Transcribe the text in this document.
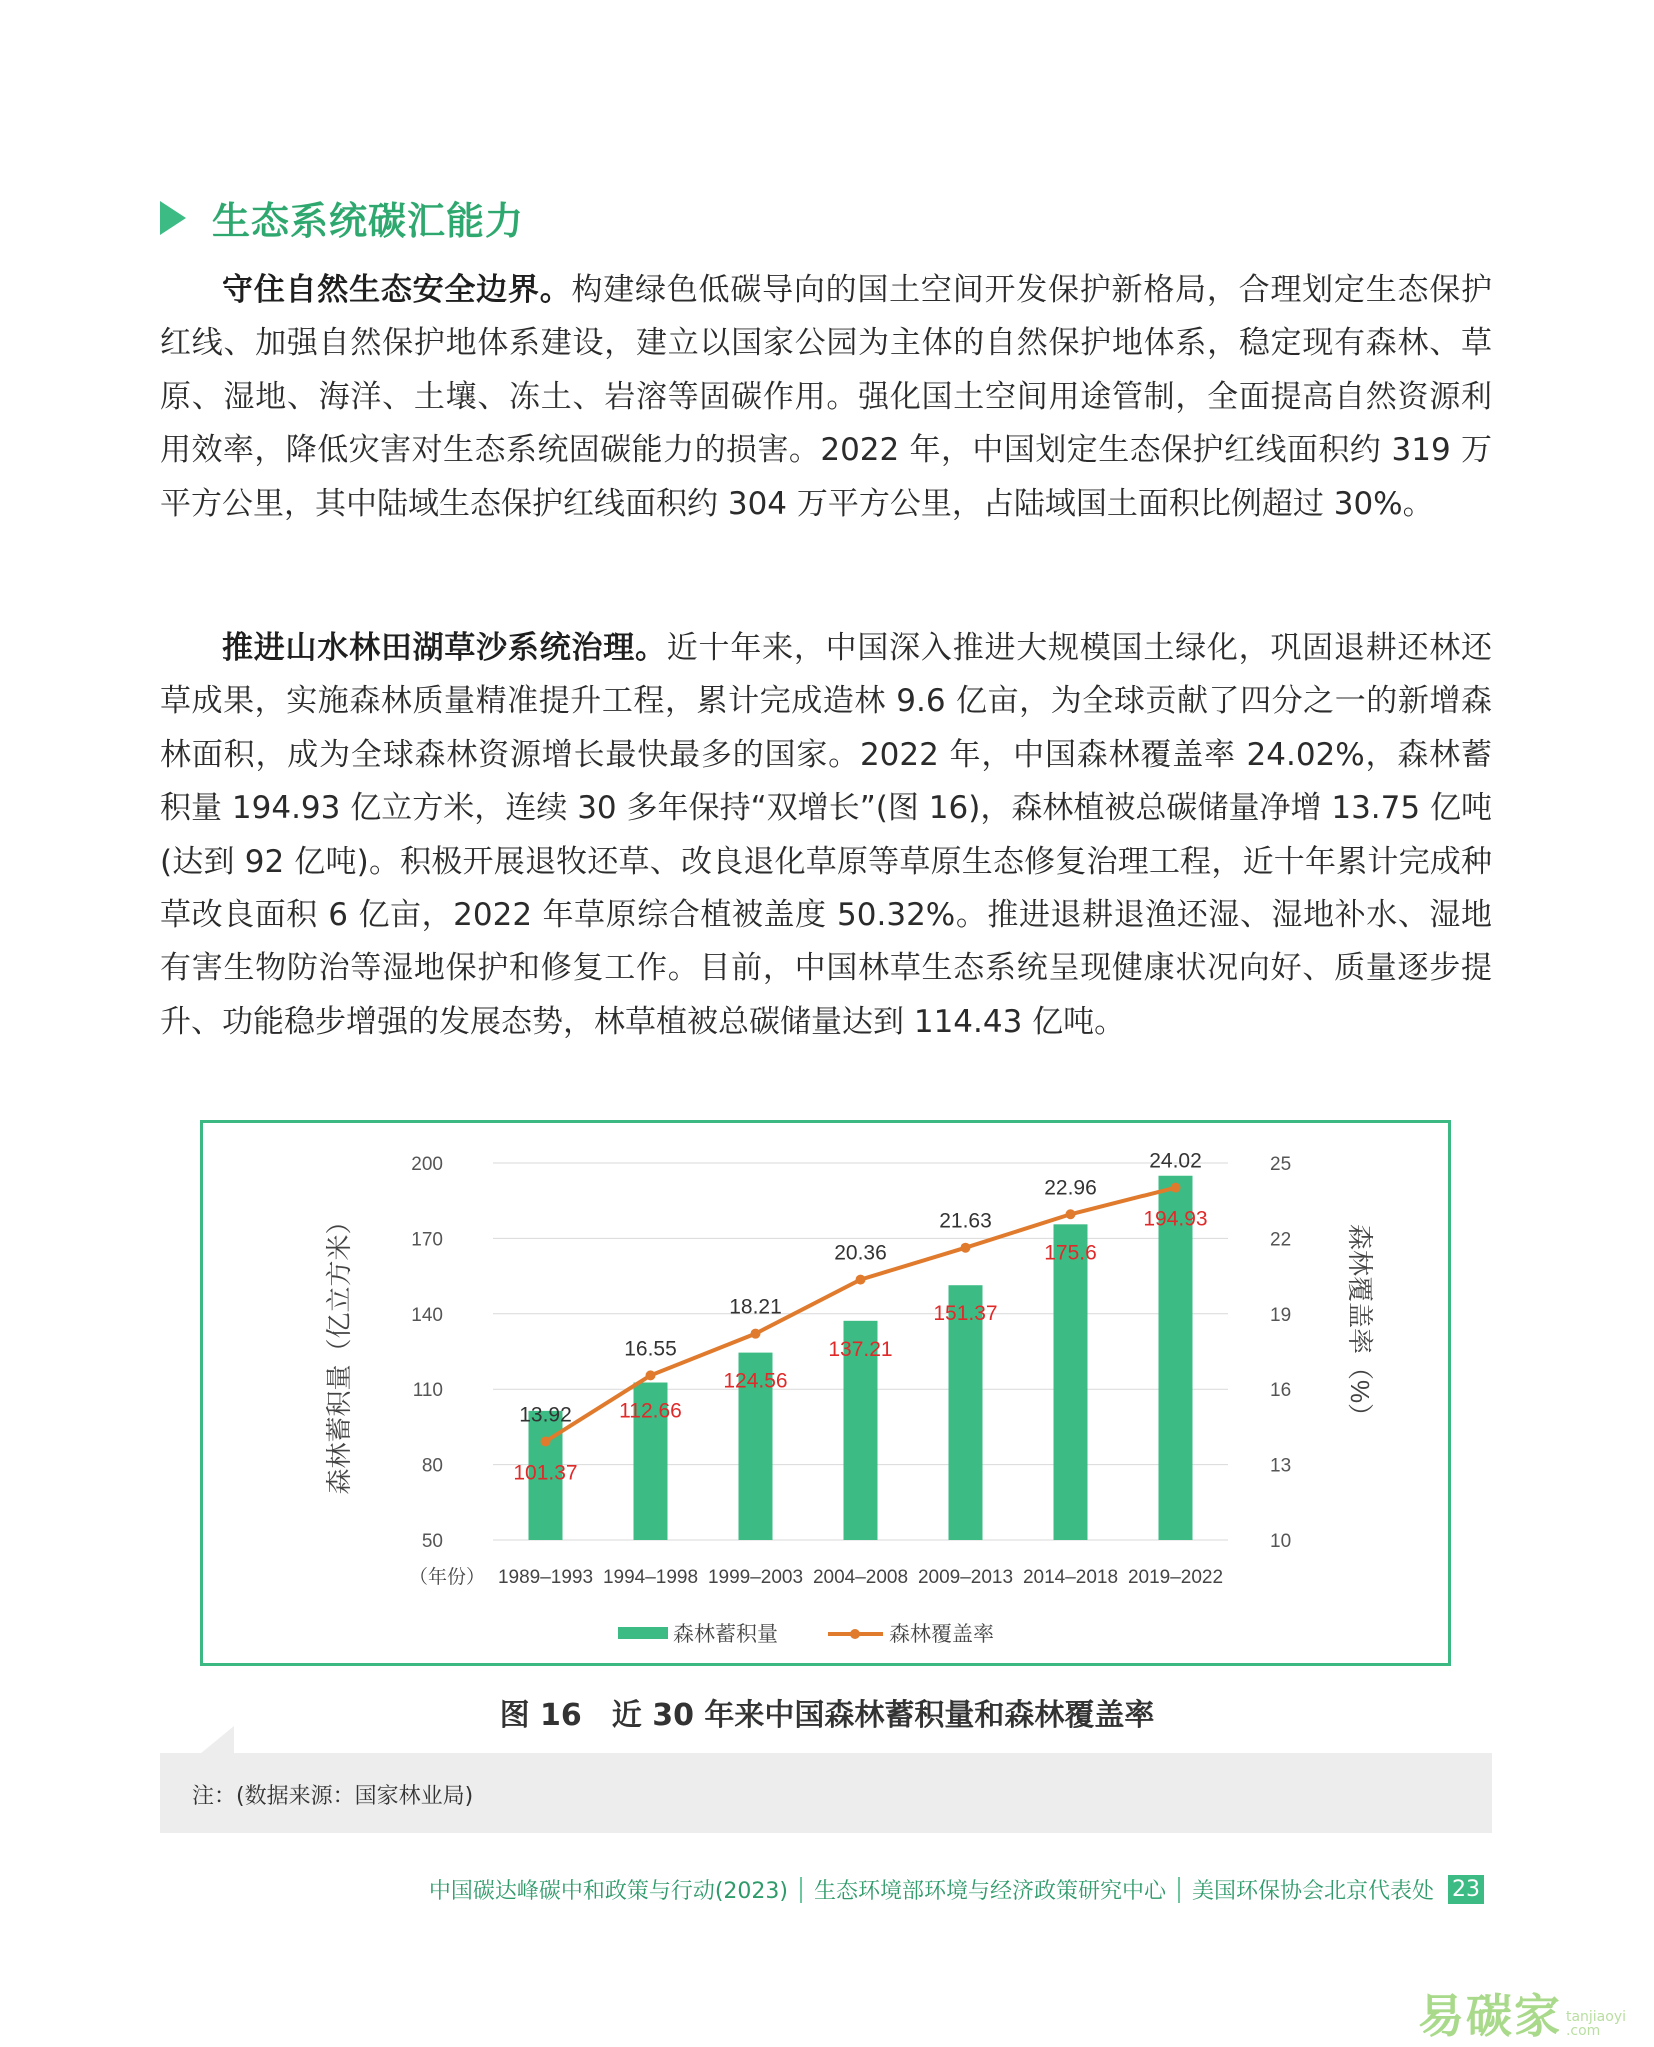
生态系统碳汇能力

守住自然生态安全边界。构建绿色低碳导向的国土空间开发保护新格局，合理划定生态保护红线、加强自然保护地体系建设，建立以国家公园为主体的自然保护地体系，稳定现有森林、草原、湿地、海洋、土壤、冻土、岩溶等固碳作用。强化国土空间用途管制，全面提高自然资源利用效率，降低灾害对生态系统固碳能力的损害。2022 年，中国划定生态保护红线面积约 319 万平方公里，其中陆域生态保护红线面积约 304 万平方公里，占陆域国土面积比例超过 30%。

推进山水林田湖草沙系统治理。近十年来，中国深入推进大规模国土绿化，巩固退耕还林还草成果，实施森林质量精准提升工程，累计完成造林 9.6 亿亩，为全球贡献了四分之一的新增森林面积，成为全球森林资源增长最快最多的国家。2022 年，中国森林覆盖率 24.02%，森林蓄积量 194.93 亿立方米，连续 30 多年保持“双增长”(图 16)，森林植被总碳储量净增 13.75 亿吨(达到 92 亿吨)。积极开展退牧还草、改良退化草原等草原生态修复治理工程，近十年累计完成种草改良面积 6 亿亩，2022 年草原综合植被盖度 50.32%。推进退耕退渔还湿、湿地补水、湿地有害生物防治等湿地保护和修复工作。目前，中国林草生态系统呈现健康状况向好、质量逐步提升、功能稳步增强的发展态势，林草植被总碳储量达到 114.43 亿吨。

50	10
80	13
110	16
140	19
170	22
200	25
森林蓄积量（亿立方米）	森林覆盖率（%）
13.92
16.55
18.21
20.36
21.63
22.96
24.02
101.37
112.66
124.56
137.21
151.37
175.6
194.93
（年份） 1989–1993 1994–1998 1999–2003 2004–2008 2009–2013 2014–2018 2019–2022
森林蓄积量	森林覆盖率
图 16　近 30 年来中国森林蓄积量和森林覆盖率
注：(数据来源：国家林业局)
中国碳达峰碳中和政策与行动(2023) 生态环境部环境与经济政策研究中心 美国环保协会北京代表处 23
易碳家 tanjiaoyi
.com
